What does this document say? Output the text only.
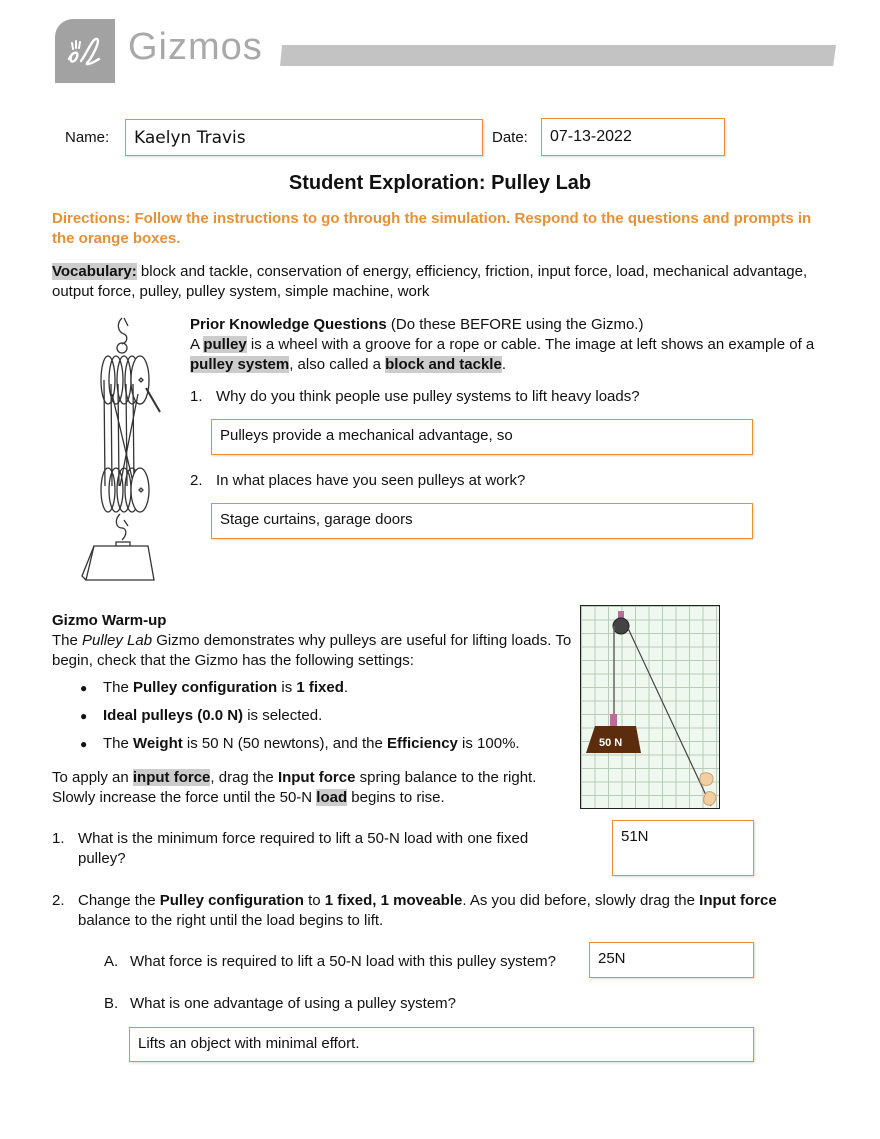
Gizmos
Name:	Kaelyn Travis	Date:	07-13-2022
Student Exploration: Pulley Lab
Directions: Follow the instructions to go through the simulation. Respond to the questions and prompts in the orange boxes.
Vocabulary: block and tackle, conservation of energy, efficiency, friction, input force, load, mechanical advantage, output force, pulley, pulley system, simple machine, work
Prior Knowledge Questions (Do these BEFORE using the Gizmo.)
A pulley is a wheel with a groove for a rope or cable. The image at left shows an example of a pulley system, also called a block and tackle.
1. Why do you think people use pulley systems to lift heavy loads?
Pulleys provide a mechanical advantage, so
2. In what places have you seen pulleys at work?
Stage curtains, garage doors
Gizmo Warm-up
The Pulley Lab Gizmo demonstrates why pulleys are useful for lifting loads. To begin, check that the Gizmo has the following settings:
● The Pulley configuration is 1 fixed.
● Ideal pulleys (0.0 N) is selected.
● The Weight is 50 N (50 newtons), and the Efficiency is 100%.
To apply an input force, drag the Input force spring balance to the right. Slowly increase the force until the 50-N load begins to rise.
50 N
1. What is the minimum force required to lift a 50-N load with one fixed pulley?
51N
2. Change the Pulley configuration to 1 fixed, 1 moveable. As you did before, slowly drag the Input force balance to the right until the load begins to lift.
A. What force is required to lift a 50-N load with this pulley system?	25N
B. What is one advantage of using a pulley system?
Lifts an object with minimal effort.
